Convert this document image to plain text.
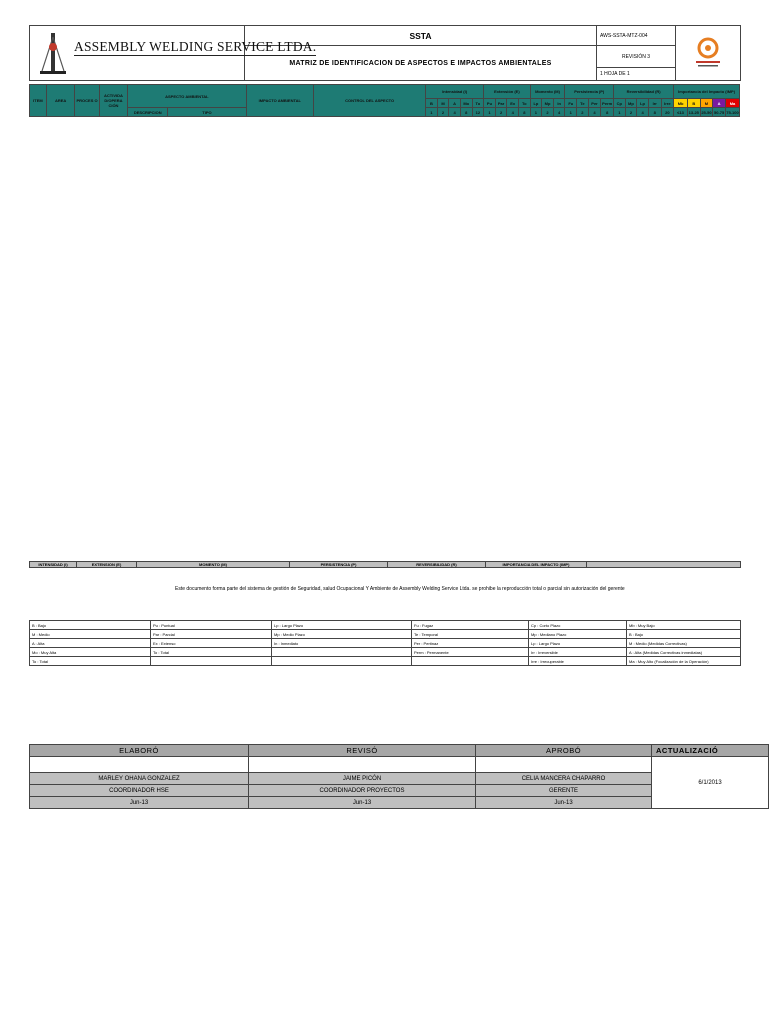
ASSEMBLY WELDING SERVICE LTDA.	SSTA	AWS-SSTA-MTZ-004	
	MATRIZ DE IDENTIFICACION DE ASPECTOS E IMPACTOS AMBIENTALES	REVISIÓN 3	
		1 HOJA DE 1	
ITEM	AREA	PROCES O	ACTIVIDA D/OPERA CIÓN	ASPECTO AMBIENTAL		IMPACTO AMBIENTAL	CONTROL DEL ASPECTO	Intensidad (I)					Extensión (E)				Momento (M)			Persistencia (P)				Reversibilidad (R)					Importancia del Impacto (IMP)				
								B	M	A	Mo	To	Pu	Par	Ex	To	Lp	Mp	In	Fu	Te	Per	Perm	Cp	Mp	Lp	Irr	Irre	Mb	B	M	A	Ma
				DESCRIPCION	TIPO			1	2	4	8	12	1	2	4	8	1	2	4	1	2	4	8	1	2	4	8	20	≤13	13-25	25-50	50-75	75-100
INTENSIDAD (I)	EXTENSION (E)	MOMENTO (M)	PERSISTENCIA (P)	REVERSIBILIDAD (R)	IMPORTANCIA DEL IMPACTO (IMP)	
Este documento forma parte del sistema de gestión de Seguridad, salud Ocupacional Y Ambiente de Assembly Welding Service Ltda. se prohibe la reproducción total o parcial sin autorización del gerente
B : Bajo	Pu : Puntual	Lp : Largo Plazo	Fu : Fugaz	Cp : Corto Plazo	Mb : Muy Bajo
M : Medio	Par : Parcial	Mp : Medio Plazo	Te : Temporal	Mp : Mediano Plazo	B : Bajo
A : Alta	Ex : Extenso	In : Inmediato	Per : Pertinaz	Lp : Largo Plazo	M : Medio (Medidas Correctivas)
Mo : Muy Alta	To : Total		Perm : Permanente	Irr : Irreversible	A : Alta (Medidas Correctivas inmediatas)
To : Total				Irre : Irrecuperable	Ma : Muy Alto (Focalización de la Operación)
ELABORÓ	REVISÓ	APROBÓ	ACTUALIZACIÓ
			6/1/2013
MARLEY OHANA GONZALEZ	JAIME PICÓN	CELIA MANCERA CHAPARRO	
COORDINADOR HSE	COORDINADOR PROYECTOS	GERENTE	
Jun-13	Jun-13	Jun-13	
